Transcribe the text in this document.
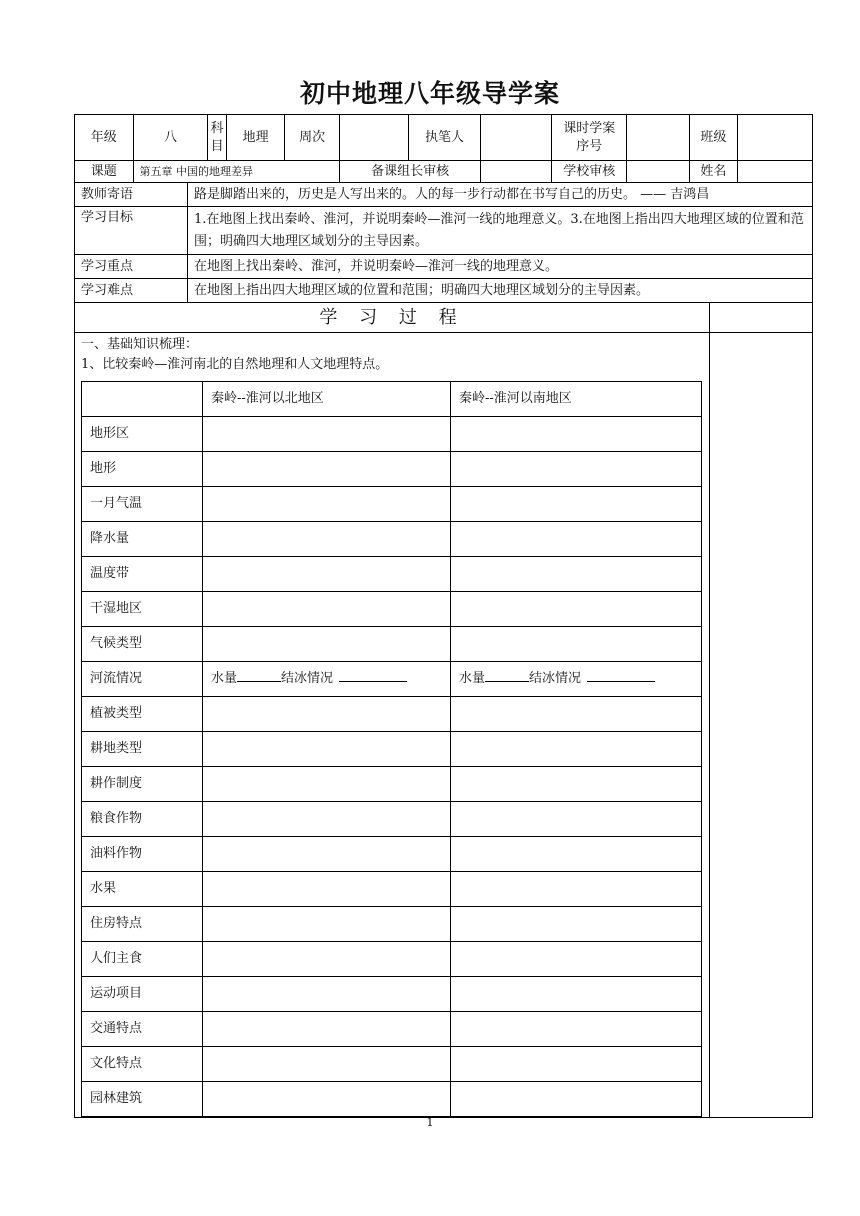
初中地理八年级导学案
年级	八	科目	地理	周次		执笔人		课时学案序号		班级	
课题	第五章 中国的地理差异				备课组长审核			学校审核		姓名	
教师寄语	路是脚踏出来的，历史是人写出来的。人的每一步行动都在书写自己的历史。 —— 吉鸿昌
学习目标	1.在地图上找出秦岭、淮河，并说明秦岭—淮河一线的地理意义。3.在地图上指出四大地理区域的位置和范围；明确四大地理区域划分的主导因素。
学习重点	在地图上找出秦岭、淮河，并说明秦岭—淮河一线的地理意义。
学习难点	在地图上指出四大地理区域的位置和范围；明确四大地理区域划分的主导因素。
学 习 过 程	

一、基础知识梳理：
1、比较秦岭—淮河南北的自然地理和人文地理特点。
	秦岭--淮河以北地区	秦岭--淮河以南地区
地形区		
地形		
一月气温		
降水量		
温度带		
干湿地区		
气候类型		
河流情况	水量	结冰情况	水量	结冰情况
植被类型		
耕地类型		
耕作制度		
粮食作物		
油料作物		
水果		
住房特点		
人们主食		
运动项目		
交通特点		
文化特点		
园林建筑		

1
